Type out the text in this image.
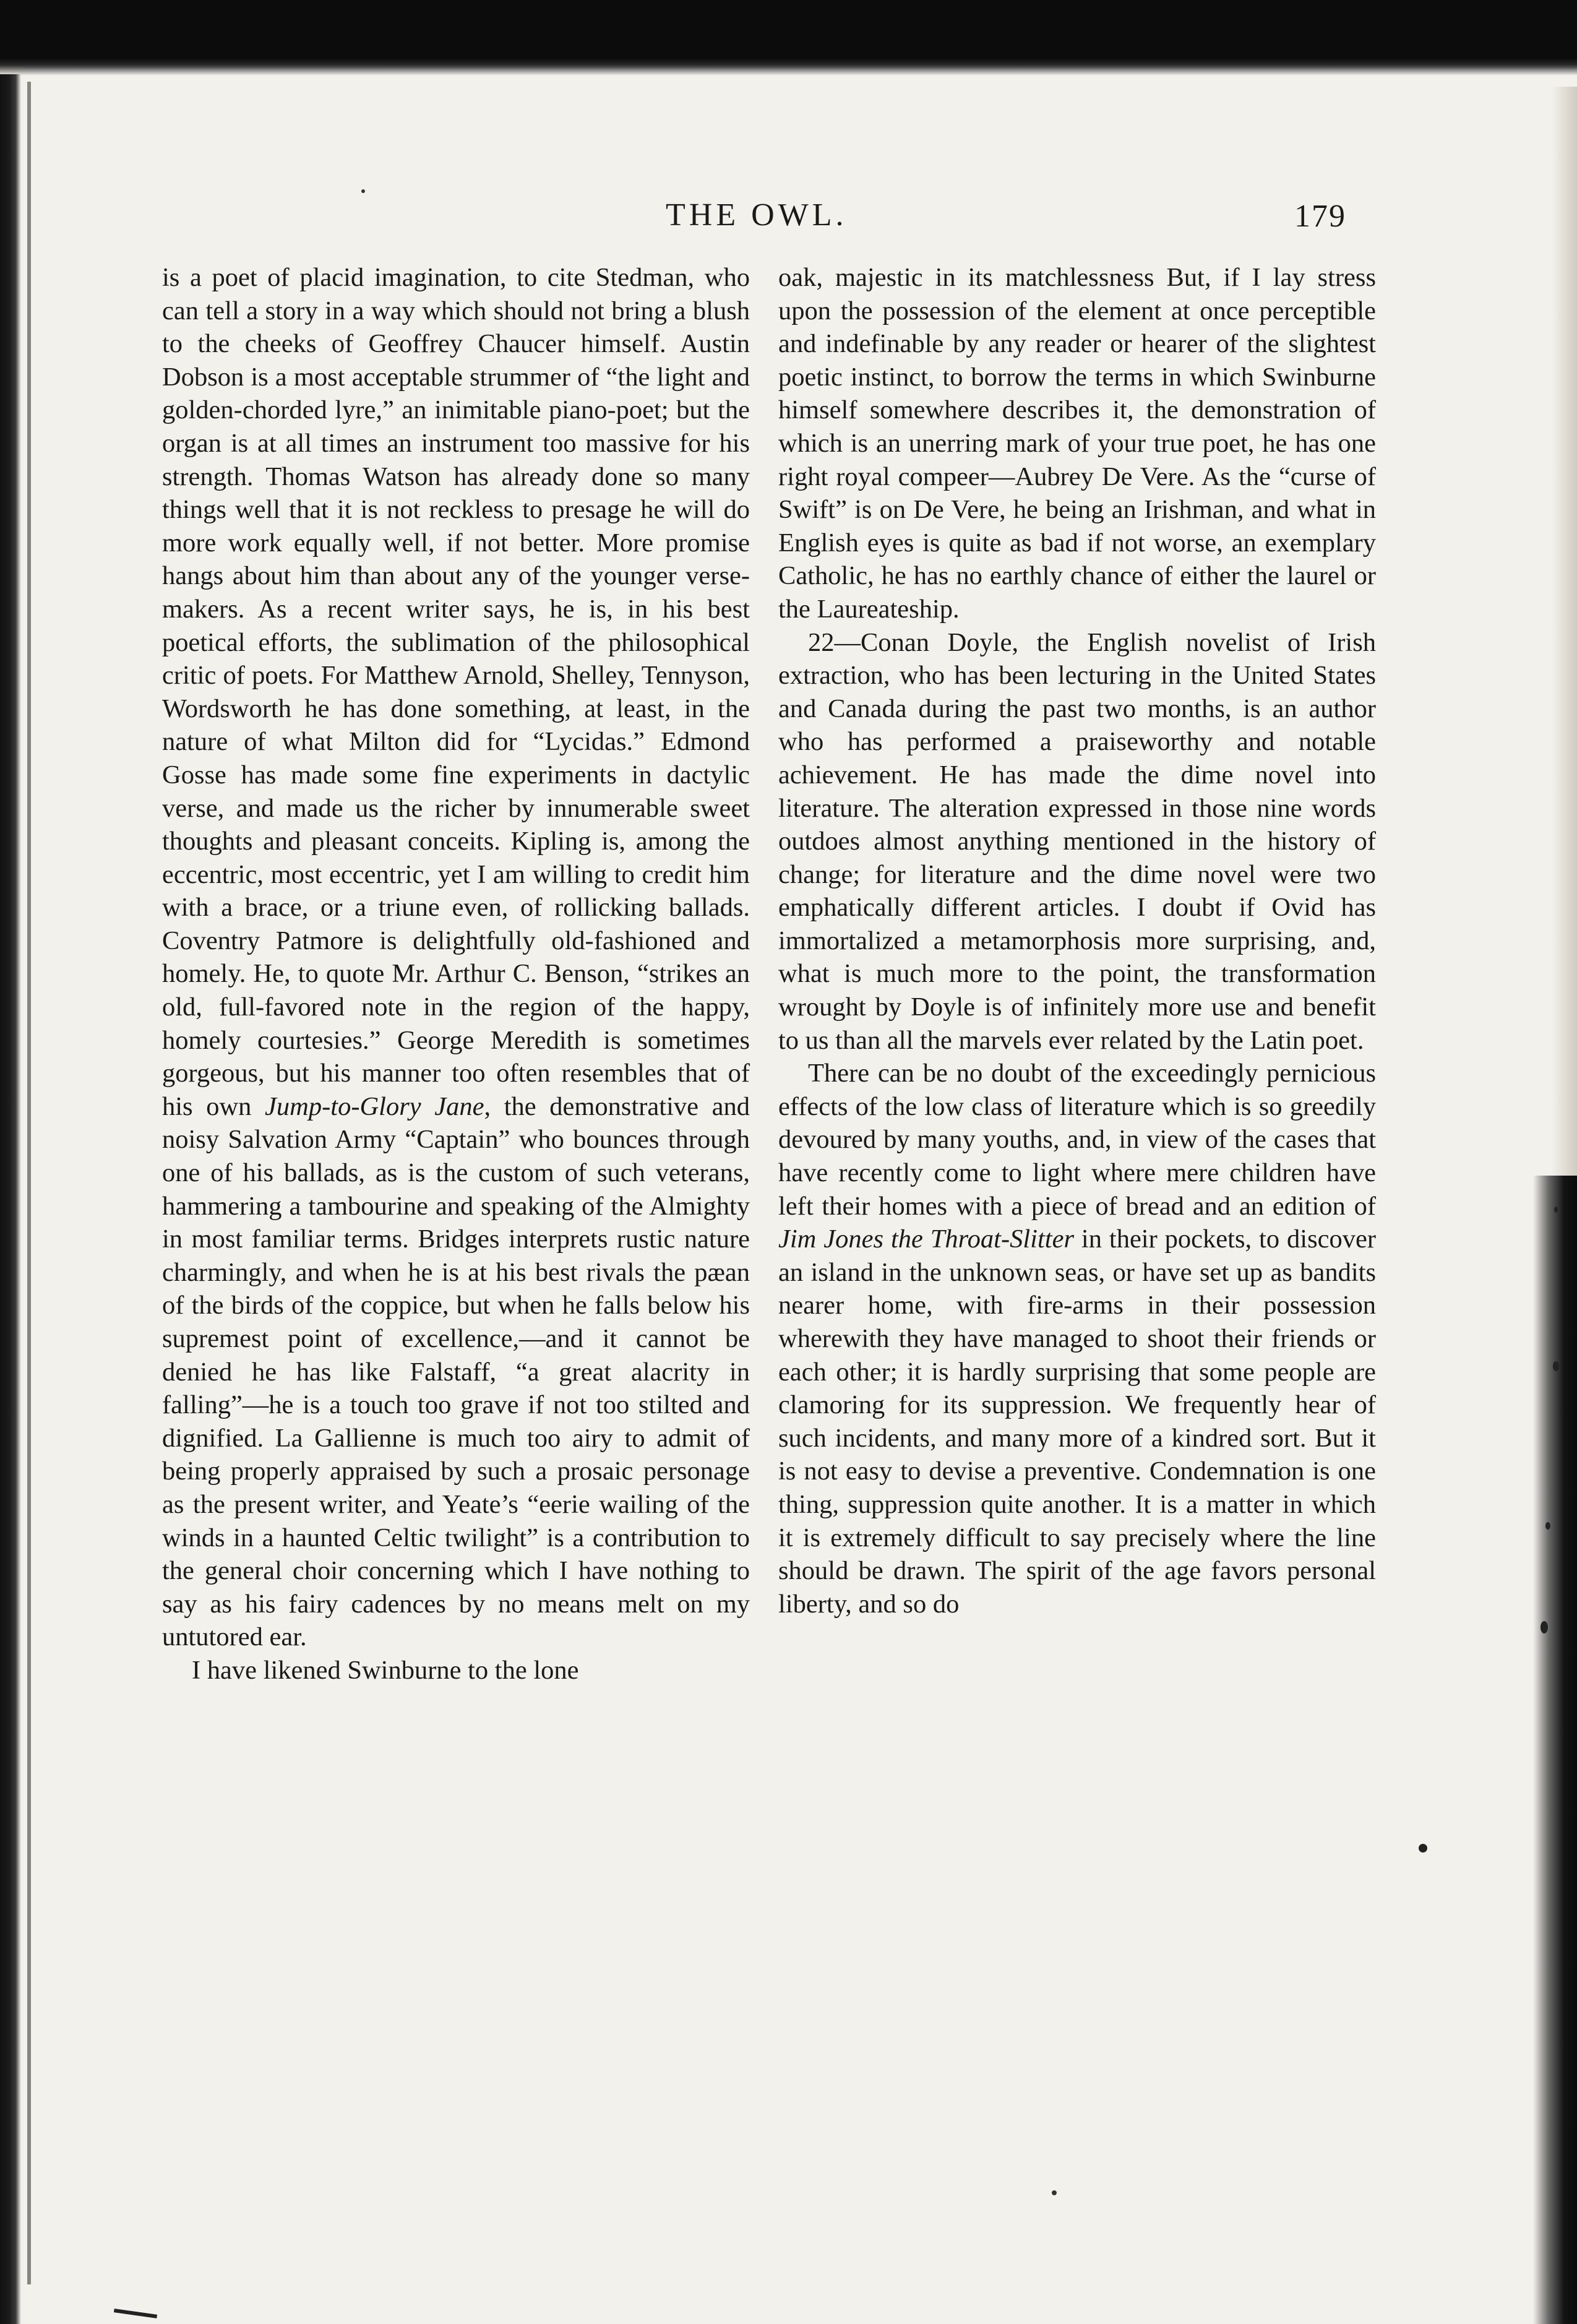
THE OWL.	179

is a poet of placid imagination, to cite Stedman, who can tell a story in a way which should not bring a blush to the cheeks of Geoffrey Chaucer himself. Austin Dobson is a most acceptable strummer of “the light and golden-chorded lyre,” an inimitable piano-poet; but the organ is at all times an instrument too massive for his strength. Thomas Watson has already done so many things well that it is not reckless to presage he will do more work equally well, if not better. More promise hangs about him than about any of the younger verse-makers. As a recent writer says, he is, in his best poetical efforts, the sublimation of the philosophical critic of poets. For Matthew Arnold, Shelley, Tennyson, Wordsworth he has done something, at least, in the nature of what Milton did for “Lycidas.” Edmond Gosse has made some fine experiments in dactylic verse, and made us the richer by innumerable sweet thoughts and pleasant conceits. Kipling is, among the eccentric, most eccentric, yet I am willing to credit him with a brace, or a triune even, of rollicking ballads. Coventry Patmore is delightfully old-fashioned and homely. He, to quote Mr. Arthur C. Benson, “strikes an old, full-favored note in the region of the happy, homely courtesies.” George Meredith is sometimes gorgeous, but his manner too often resembles that of his own Jump-to-Glory Jane, the demonstrative and noisy Salvation Army “Captain” who bounces through one of his ballads, as is the custom of such veterans, hammering a tambourine and speaking of the Almighty in most familiar terms. Bridges interprets rustic nature charmingly, and when he is at his best rivals the pæan of the birds of the coppice, but when he falls below his supremest point of excellence,—and it cannot be denied he has like Falstaff, “a great alacrity in falling”—he is a touch too grave if not too stilted and dignified. La Gallienne is much too airy to admit of being properly appraised by such a prosaic personage as the present writer, and Yeate’s “eerie wailing of the winds in a haunted Celtic twilight” is a contribution to the general choir concerning which I have nothing to say as his fairy cadences by no means melt on my untutored ear.

I have likened Swinburne to the lone

oak, majestic in its matchlessness But, if I lay stress upon the possession of the element at once perceptible and indefinable by any reader or hearer of the slightest poetic instinct, to borrow the terms in which Swinburne himself somewhere describes it, the demonstration of which is an unerring mark of your true poet, he has one right royal compeer—Aubrey De Vere. As the “curse of Swift” is on De Vere, he being an Irishman, and what in English eyes is quite as bad if not worse, an exemplary Catholic, he has no earthly chance of either the laurel or the Laureateship.

22—Conan Doyle, the English novelist of Irish extraction, who has been lecturing in the United States and Canada during the past two months, is an author who has performed a praiseworthy and notable achievement. He has made the dime novel into literature. The alteration expressed in those nine words outdoes almost anything mentioned in the history of change; for literature and the dime novel were two emphatically different articles. I doubt if Ovid has immortalized a metamorphosis more surprising, and, what is much more to the point, the transformation wrought by Doyle is of infinitely more use and benefit to us than all the marvels ever related by the Latin poet.

There can be no doubt of the exceedingly pernicious effects of the low class of literature which is so greedily devoured by many youths, and, in view of the cases that have recently come to light where mere children have left their homes with a piece of bread and an edition of Jim Jones the Throat-Slitter in their pockets, to discover an island in the unknown seas, or have set up as bandits nearer home, with fire-arms in their possession wherewith they have managed to shoot their friends or each other; it is hardly surprising that some people are clamoring for its suppression. We frequently hear of such incidents, and many more of a kindred sort. But it is not easy to devise a preventive. Condemnation is one thing, suppression quite another. It is a matter in which it is extremely difficult to say precisely where the line should be drawn. The spirit of the age favors personal liberty, and so do
